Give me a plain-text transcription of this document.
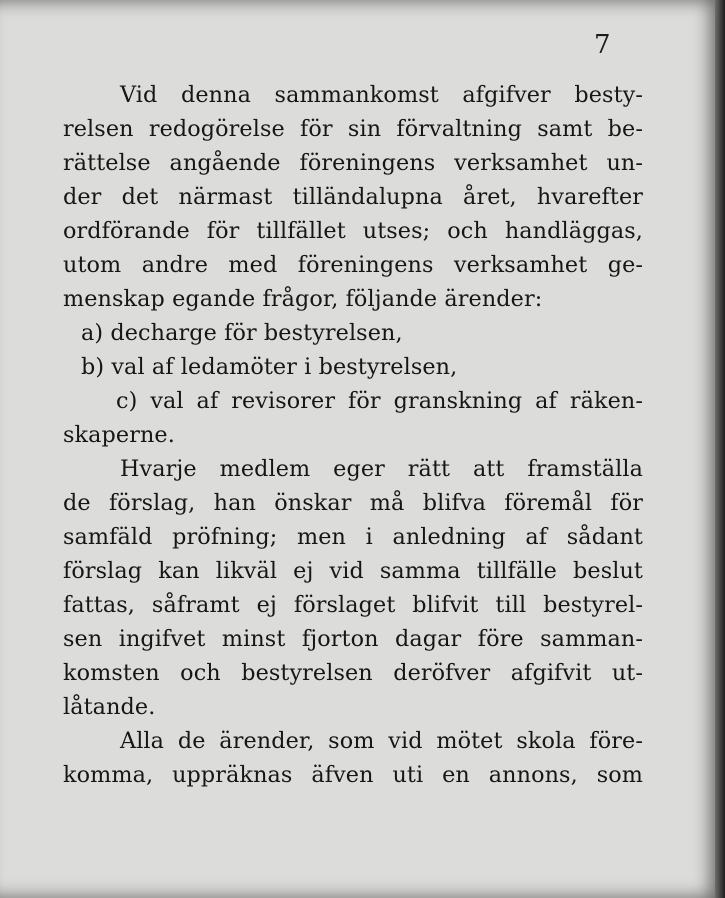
7
Vid denna sammankomst afgifver besty-
relsen redogörelse för sin förvaltning samt be-
rättelse angående föreningens verksamhet un-
der det närmast tilländalupna året, hvarefter
ordförande för tillfället utses; och handläggas,
utom andre med föreningens verksamhet ge-
menskap egande frågor, följande ärender:
a) decharge för bestyrelsen,
b) val af ledamöter i bestyrelsen,
c) val af revisorer för granskning af räken-
skaperne.
Hvarje medlem eger rätt att framställa
de förslag, han önskar må blifva föremål för
samfäld pröfning; men i anledning af sådant
förslag kan likväl ej vid samma tillfälle beslut
fattas, såframt ej förslaget blifvit till bestyrel-
sen ingifvet minst fjorton dagar före samman-
komsten och bestyrelsen deröfver afgifvit ut-
låtande.
Alla de ärender, som vid mötet skola före-
komma, uppräknas äfven uti en annons, som
